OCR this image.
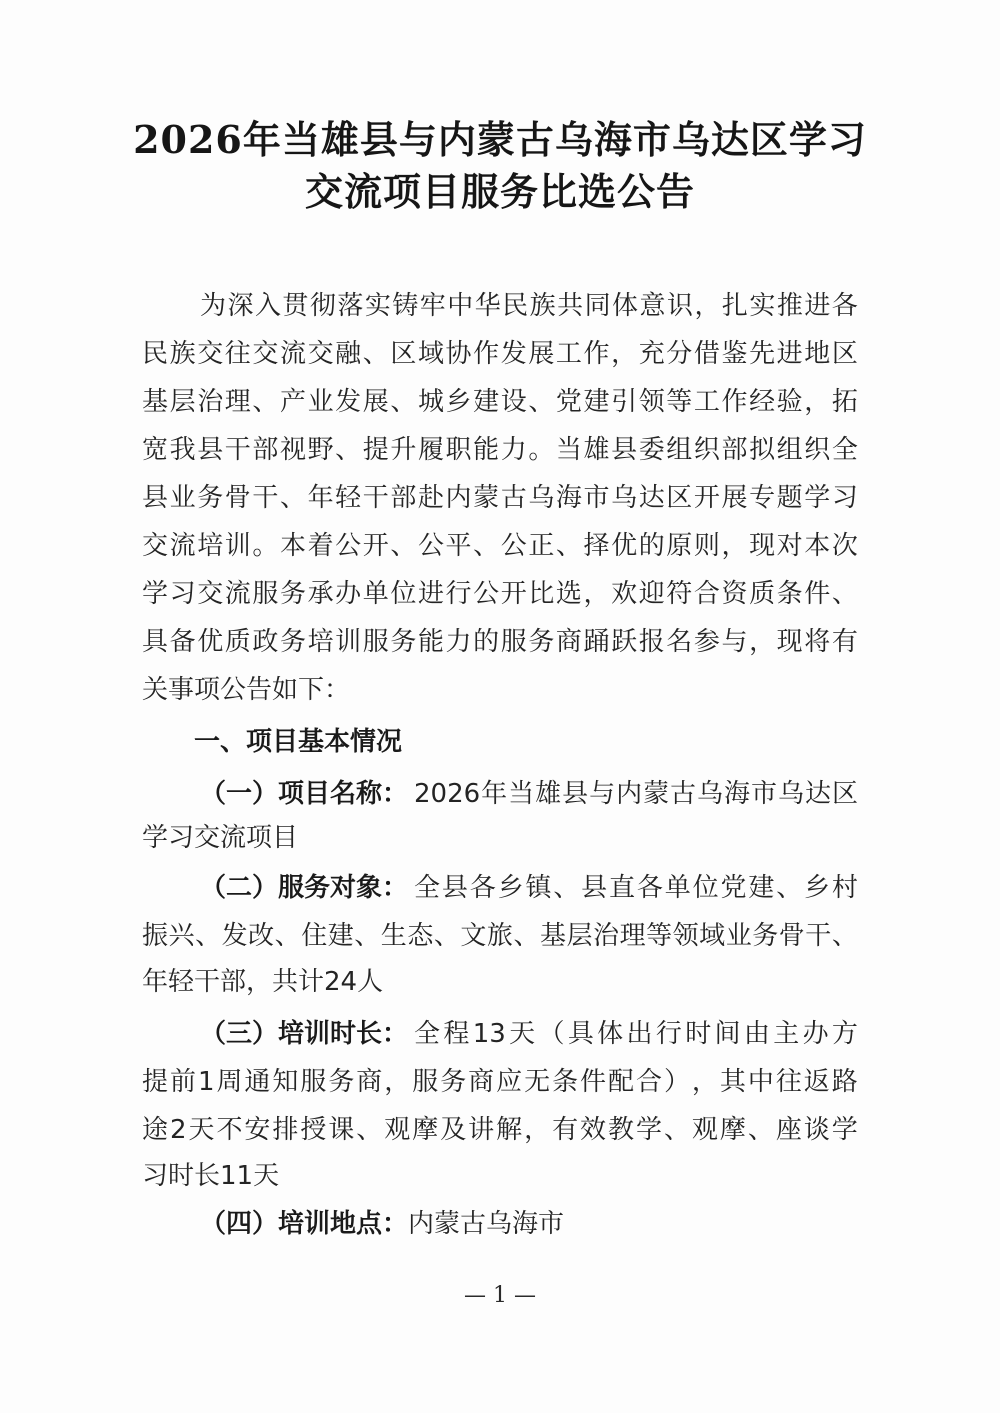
2026年当雄县与内蒙古乌海市乌达区学习
交流项目服务比选公告
为 深 入 贯 彻 落 实 铸 牢 中 华 民 族 共 同 体 意 识 ， 扎 实 推 进 各
民 族 交 往 交 流 交 融 、 区 域 协 作 发 展 工 作 ， 充 分 借 鉴 先 进 地 区
基 层 治 理 、 产 业 发 展 、 城 乡 建 设 、 党 建 引 领 等 工 作 经 验 ， 拓
宽 我 县 干 部 视 野 、 提 升 履 职 能 力 。 当 雄 县 委 组 织 部 拟 组 织 全
县 业 务 骨 干 、 年 轻 干 部 赴 内 蒙 古 乌 海 市 乌 达 区 开 展 专 题 学 习
交 流 培 训 。 本 着 公 开 、 公 平 、 公 正 、 择 优 的 原 则 ， 现 对 本 次
学 习 交 流 服 务 承 办 单 位 进 行 公 开 比 选 ， 欢 迎 符 合 资 质 条 件 、
具 备 优 质 政 务 培 训 服 务 能 力 的 服 务 商 踊 跃 报 名 参 与 ， 现 将 有
关事项公告如下：
一、项目基本情况
（一）项目名称： 2026 年 当 雄 县 与 内 蒙 古 乌 海 市 乌 达 区
学习交流项目
（二）服务对象： 全 县 各 乡 镇 、 县 直 各 单 位 党 建 、 乡 村
振 兴 、 发 改 、 住 建 、 生 态 、 文 旅 、 基 层 治 理 等 领 域 业 务 骨 干 、
年轻干部，共计24人
（三）培训时长： 全 程 13 天 （ 具 体 出 行 时 间 由 主 办 方
提 前 1 周 通 知 服 务 商 ， 服 务 商 应 无 条 件 配 合 ） ， 其 中 往 返 路
途 2 天 不 安 排 授 课 、 观 摩 及 讲 解 ， 有 效 教 学 、 观 摩 、 座 谈 学
习时长11天
（四）培训地点：内蒙古乌海市
— 1 —
